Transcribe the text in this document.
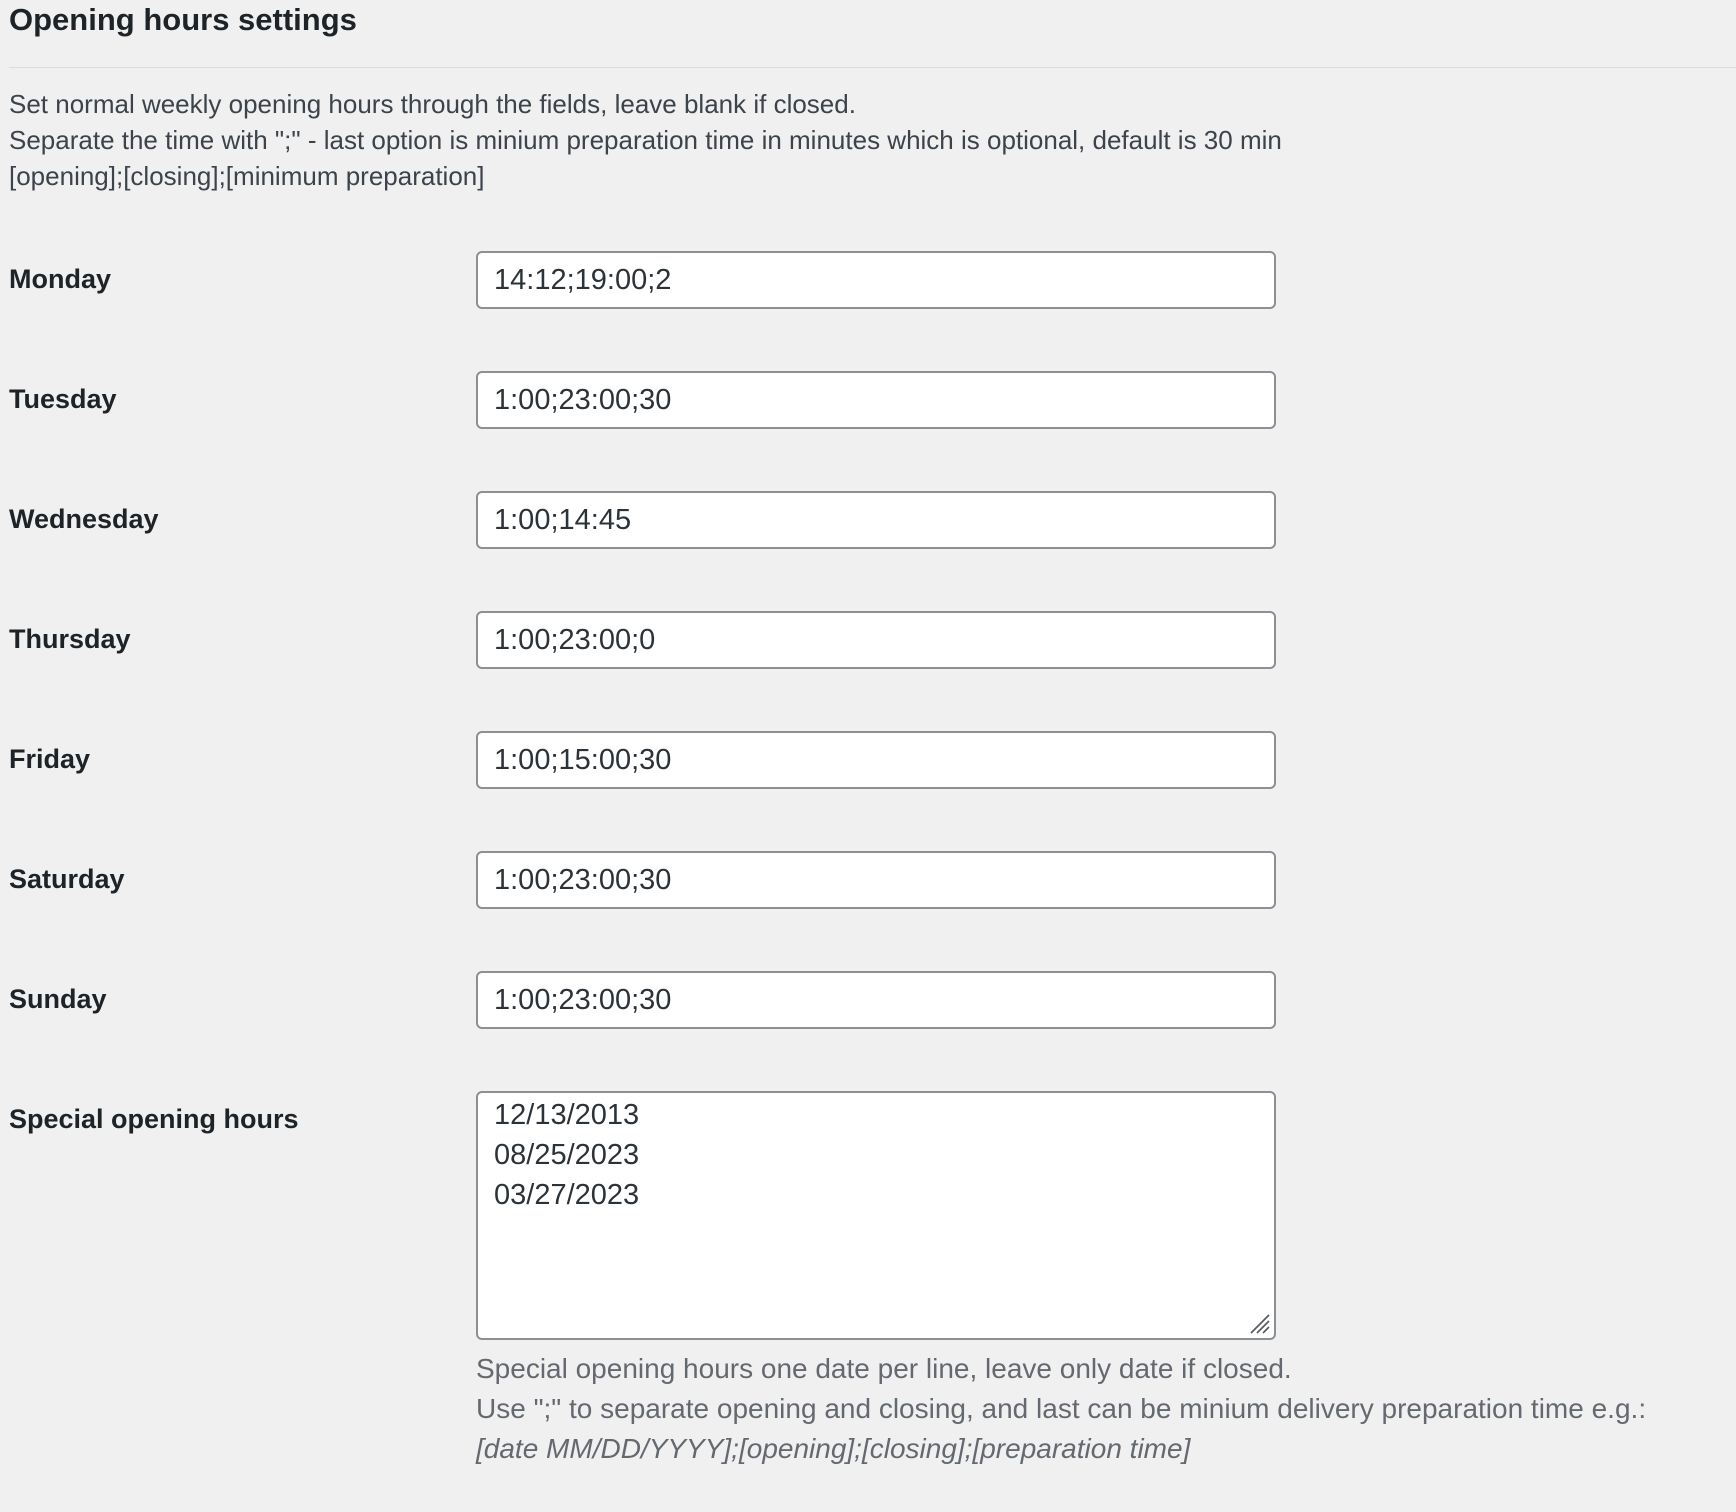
Opening hours settings

Set normal weekly opening hours through the fields, leave blank if closed.

Separate the time with ";" - last option is minium preparation time in minutes which is optional, default is 30 min

[opening];[closing];[minimum preparation]

Monday
14:12;19:00;2
Tuesday
1:00;23:00;30
Wednesday
1:00;14:45
Thursday
1:00;23:00;0
Friday
1:00;15:00;30
Saturday
1:00;23:00;30
Sunday
1:00;23:00;30
Special opening hours
12/13/2013 08/25/2023 03/27/2023

Special opening hours one date per line, leave only date if closed.

Use ";" to separate opening and closing, and last can be minium delivery preparation time e.g.:

[date MM/DD/YYYY];[opening];[closing];[preparation time]
